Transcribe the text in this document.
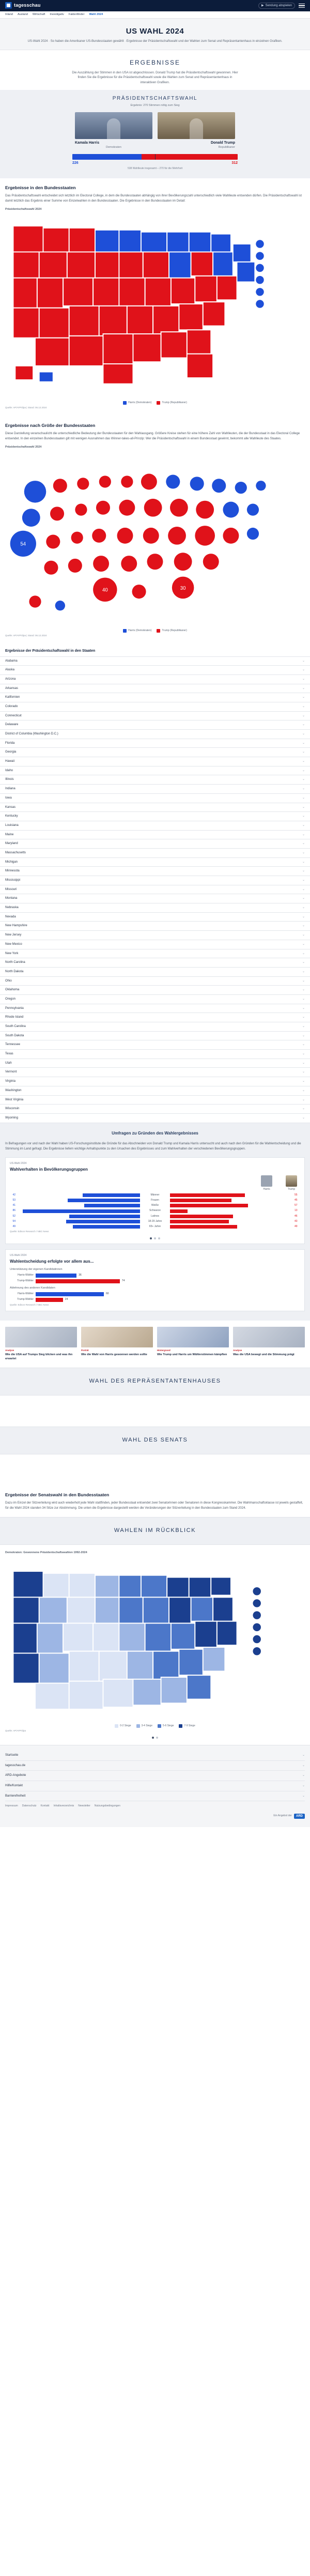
tagesschau	▶ Sendung abspielen
Inland Ausland Wirtschaft Investigativ Faktenfinder Wahl 2024
US WAHL 2024
US-Wahl 2024 · So haben die Amerikaner US-Bundesstaaten gewählt · Ergebnisse der Präsidentschaftswahl und der Wahlen zum Senat und Repräsentantenhaus in einzelnen Grafiken.
ERGEBNISSE

Die Auszählung der Stimmen in den USA ist abgeschlossen. Donald Trump hat die Präsidentschaftswahl gewonnen. Hier finden Sie die Ergebnisse für die Präsidentschaftswahl sowie die Wahlen zum Senat und Repräsentantenhaus in interaktiven Grafiken.

PRÄSIDENTSCHAFTSWAHL
Ergebnis: 270 Stimmen nötig zum Sieg
Kamala Harris
Demokraten
Donald Trump
Republikaner
226	312
538 Wahlleute insgesamt – 270 für die Mehrheit
Ergebnisse in den Bundesstaaten

Das Präsidentschaftswahl entscheidet sich letztlich im Electoral College, in dem die Bundesstaaten abhängig von ihrer Bevölkerungszahl unterschiedlich viele Wahlleute entsenden dürfen. Die Präsidentschaftswahl ist damit letztlich das Ergebnis einer Summe von Einzelwahlen in den Bundesstaaten. Die Ergebnisse in den Bundesstaaten im Detail:

Präsidentschaftswahl 2024
Harris (Demokraten)	Trump (Republikaner)
Quelle: AP/AFP/dpa | Stand: 06.12.2024
Ergebnisse nach Größe der Bundesstaaten

Diese Darstellung veranschaulicht die unterschiedliche Bedeutung der Bundesstaaten für den Wahlausgang. Größere Kreise stehen für eine höhere Zahl von Wahlleuten, die der Bundesstaat in das Electoral College entsendet. In den einzelnen Bundesstaaten gilt mit wenigen Ausnahmen das Winner-takes-all-Prinzip: Wer die Präsidentschaftswahl in einem Bundesstaat gewinnt, bekommt alle Wahlleute des Staates.

Präsidentschaftswahl 2024
54
40	30
Harris (Demokraten)	Trump (Republikaner)
Quelle: AP/AFP/dpa | Stand: 06.12.2024
Ergebnisse der Präsidentschaftswahl in den Staaten
Alabama	⌄
Alaska	⌄
Arizona	⌄
Arkansas	⌄
Kalifornien	⌄
Colorado	⌄
Connecticut	⌄
Delaware	⌄
District of Columbia (Washington D.C.)	⌄
Florida	⌄
Georgia	⌄
Hawaii	⌄
Idaho	⌄
Illinois	⌄
Indiana	⌄
Iowa	⌄
Kansas	⌄
Kentucky	⌄
Louisiana	⌄
Maine	⌄
Maryland	⌄
Massachusetts	⌄
Michigan	⌄
Minnesota	⌄
Mississippi	⌄
Missouri	⌄
Montana	⌄
Nebraska	⌄
Nevada	⌄
New Hampshire	⌄
New Jersey	⌄
New Mexico	⌄
New York	⌄
North Carolina	⌄
North Dakota	⌄
Ohio	⌄
Oklahoma	⌄
Oregon	⌄
Pennsylvania	⌄
Rhode Island	⌄
South Carolina	⌄
South Dakota	⌄
Tennessee	⌄
Texas	⌄
Utah	⌄
Vermont	⌄
Virginia	⌄
Washington	⌄
West Virginia	⌄
Wisconsin	⌄
Wyoming	⌄
Umfragen zu Gründen des Wahlergebnisses

In Befragungen vor und nach der Wahl haben US-Forschungsinstitute die Gründe für das Abschneiden von Donald Trump und Kamala Harris untersucht und auch nach den Gründen für die Wahlentscheidung und die Stimmung im Land gefragt. Die Ergebnisse liefern wichtige Anhaltspunkte zu den Ursachen des Ergebnisses und zum Wahlverhalten der verschiedenen Bevölkerungsgruppen.

US-Wahl 2024
Wahlverhalten in Bevölkerungsgruppen
Harris	Trump
42	Männer	55
53	Frauen	45
41	Weiße	57
86	Schwarze	13
52	Latinos	46
54	18-29 Jahre	43
49	65+ Jahre	49
Quelle: Edison Research / NBC News
US-Wahl 2024
Wahlentscheidung erfolgte vor allem aus...
Unterstützung der eigenen Kandidatinnen
Harris-Wähler	36
Trump-Wähler	74
Ablehnung des anderen Kandidaten
Harris-Wähler	60
Trump-Wähler	24
Quelle: Edison Research / NBC News
Analyse
Wie die USA auf Trumps Sieg blicken und was ihn erwartet
Porträt
Wie die Wahl von Harris gewonnen werden sollte
Hintergrund
Wie Trump und Harris um Wählerstimmen kämpften
Analyse
Was die USA bewegt und die Stimmung prägt
WAHL DES REPRÄSENTANTENHAUSES
WAHL DES SENATS
Ergebnisse der Senatswahl in den Bundesstaaten

Dazu im Einzel der Sitzverteilung wird auch wiederholt jede Wahl stattfinden, jeder Bundesstaat entsendet zwei Senatorinnen oder Senatoren in diese Kongresskammer. Die Wahlmanschaftsklasse ist jeweils gestaffelt, für die Wahl 2024 standen 34 Sitze zur Abstimmung. Die unten die Ergebnisse dargestellt werden die Veränderungen der Sitzverteilung in den Bundesstaaten zum Stand 2024.

WAHLEN IM RÜCKBLICK
Demokraten: Gewonnene Präsidentschaftswahlen 1992-2024
0-2 Siege	3-4 Siege	5-6 Siege	7-9 Siege
Quelle: AP/AFP/dpa
Startseite	⌄
tagesschau.de	⌄
ARD-Angebote	⌄
Hilfe/Kontakt	⌄
Barrierefreiheit	⌄
Impressum Datenschutz Kontakt Inhaltsverzeichnis Newsletter Nutzungsbedingungen
Ein Angebot der	ARD
